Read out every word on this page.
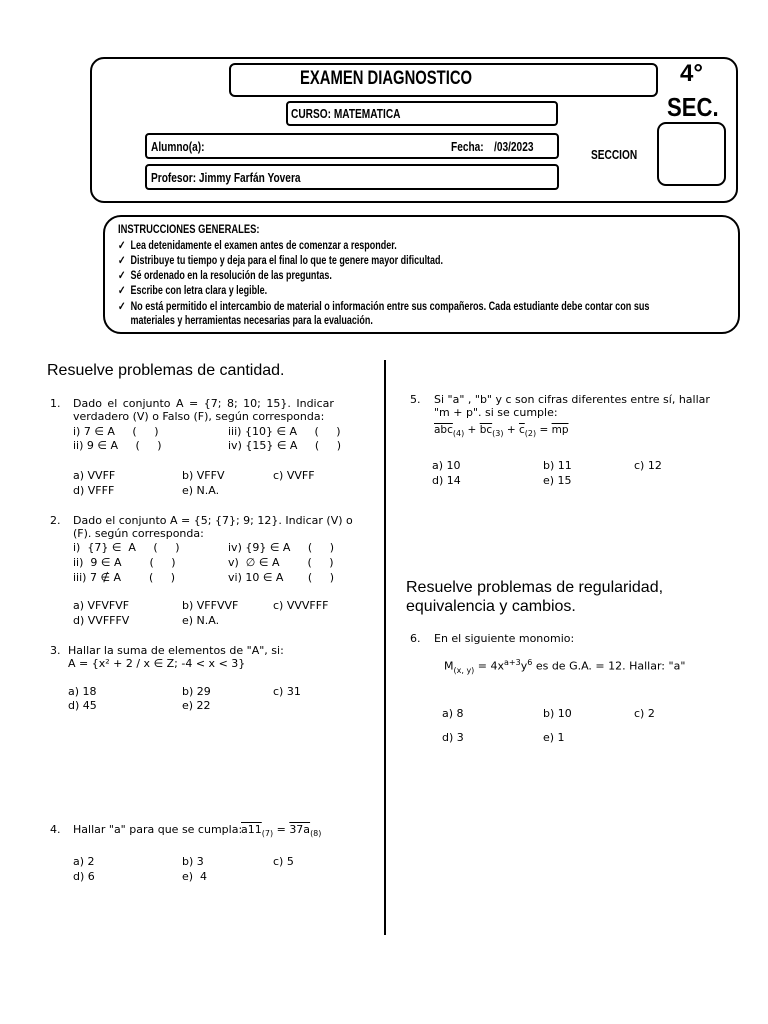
EXAMEN DIAGNOSTICO	4°
SEC.
CURSO: MATEMATICA
Alumno(a):	Fecha: /03/2023
SECCION
Profesor: Jimmy Farfán Yovera
INSTRUCCIONES GENERALES:
✓ Lea detenidamente el examen antes de comenzar a responder.
✓ Distribuye tu tiempo y deja para el final lo que te genere mayor dificultad.
✓ Sé ordenado en la resolución de las preguntas.
✓ Escribe con letra clara y legible.
✓ No está permitido el intercambio de material o información entre sus compañeros. Cada estudiante debe contar con sus
materiales y herramientas necesarias para la evaluación.
Resuelve problemas de cantidad.
1. Dado el conjunto A = {7; 8; 10; 15}. Indicar
verdadero (V) o Falso (F), según corresponda:
i) 7 ∈ A     (     )	iii) {10} ∈ A     (     )
ii) 9 ∈ A     (     )	iv) {15} ∈ A     (     )
a) VVFF	b) VFFV	c) VVFF
d) VFFF	e) N.A.
2. Dado el conjunto A = {5; {7}; 9; 12}. Indicar (V) o
(F). según corresponda:
i)  {7} ∈  A     (     )	iv) {9} ∈ A     (     )
ii)  9 ∈ A        (     )	v)  ∅ ∈ A        (     )
iii) 7 ∉ A        (     )	vi) 10 ∈ A       (     )
a) VFVFVF	b) VFFVVF	c) VVVFFF
d) VVFFFV	e) N.A.
3. Hallar la suma de elementos de "A", si:
A = {x² + 2 / x ∈ Z; -4 < x < 3}
a) 18	b) 29	c) 31
d) 45	e) 22
4. Hallar "a" para que se cumpla:
$a11_{(7)} = 37a_{(8)}$
a) 2	b) 3	c) 5
d) 6	e)  4
5. Si "a" , "b" y c son cifras diferentes entre sí, hallar
"m + p". si se cumple:
$\overline{abc}_{(4)} + \overline{bc}_{(3)} + \overline{c}_{(2)} = \overline{mp}$
a) 10	b) 11	c) 12
d) 14	e) 15
Resuelve problemas de regularidad,
equivalencia y cambios.
6. En el siguiente monomio:
$M_{(x, y)} = 4x^{a+3}y^6$ es de G.A. = 12. Hallar: "a"
a) 8	b) 10	c) 2
d) 3	e) 1
